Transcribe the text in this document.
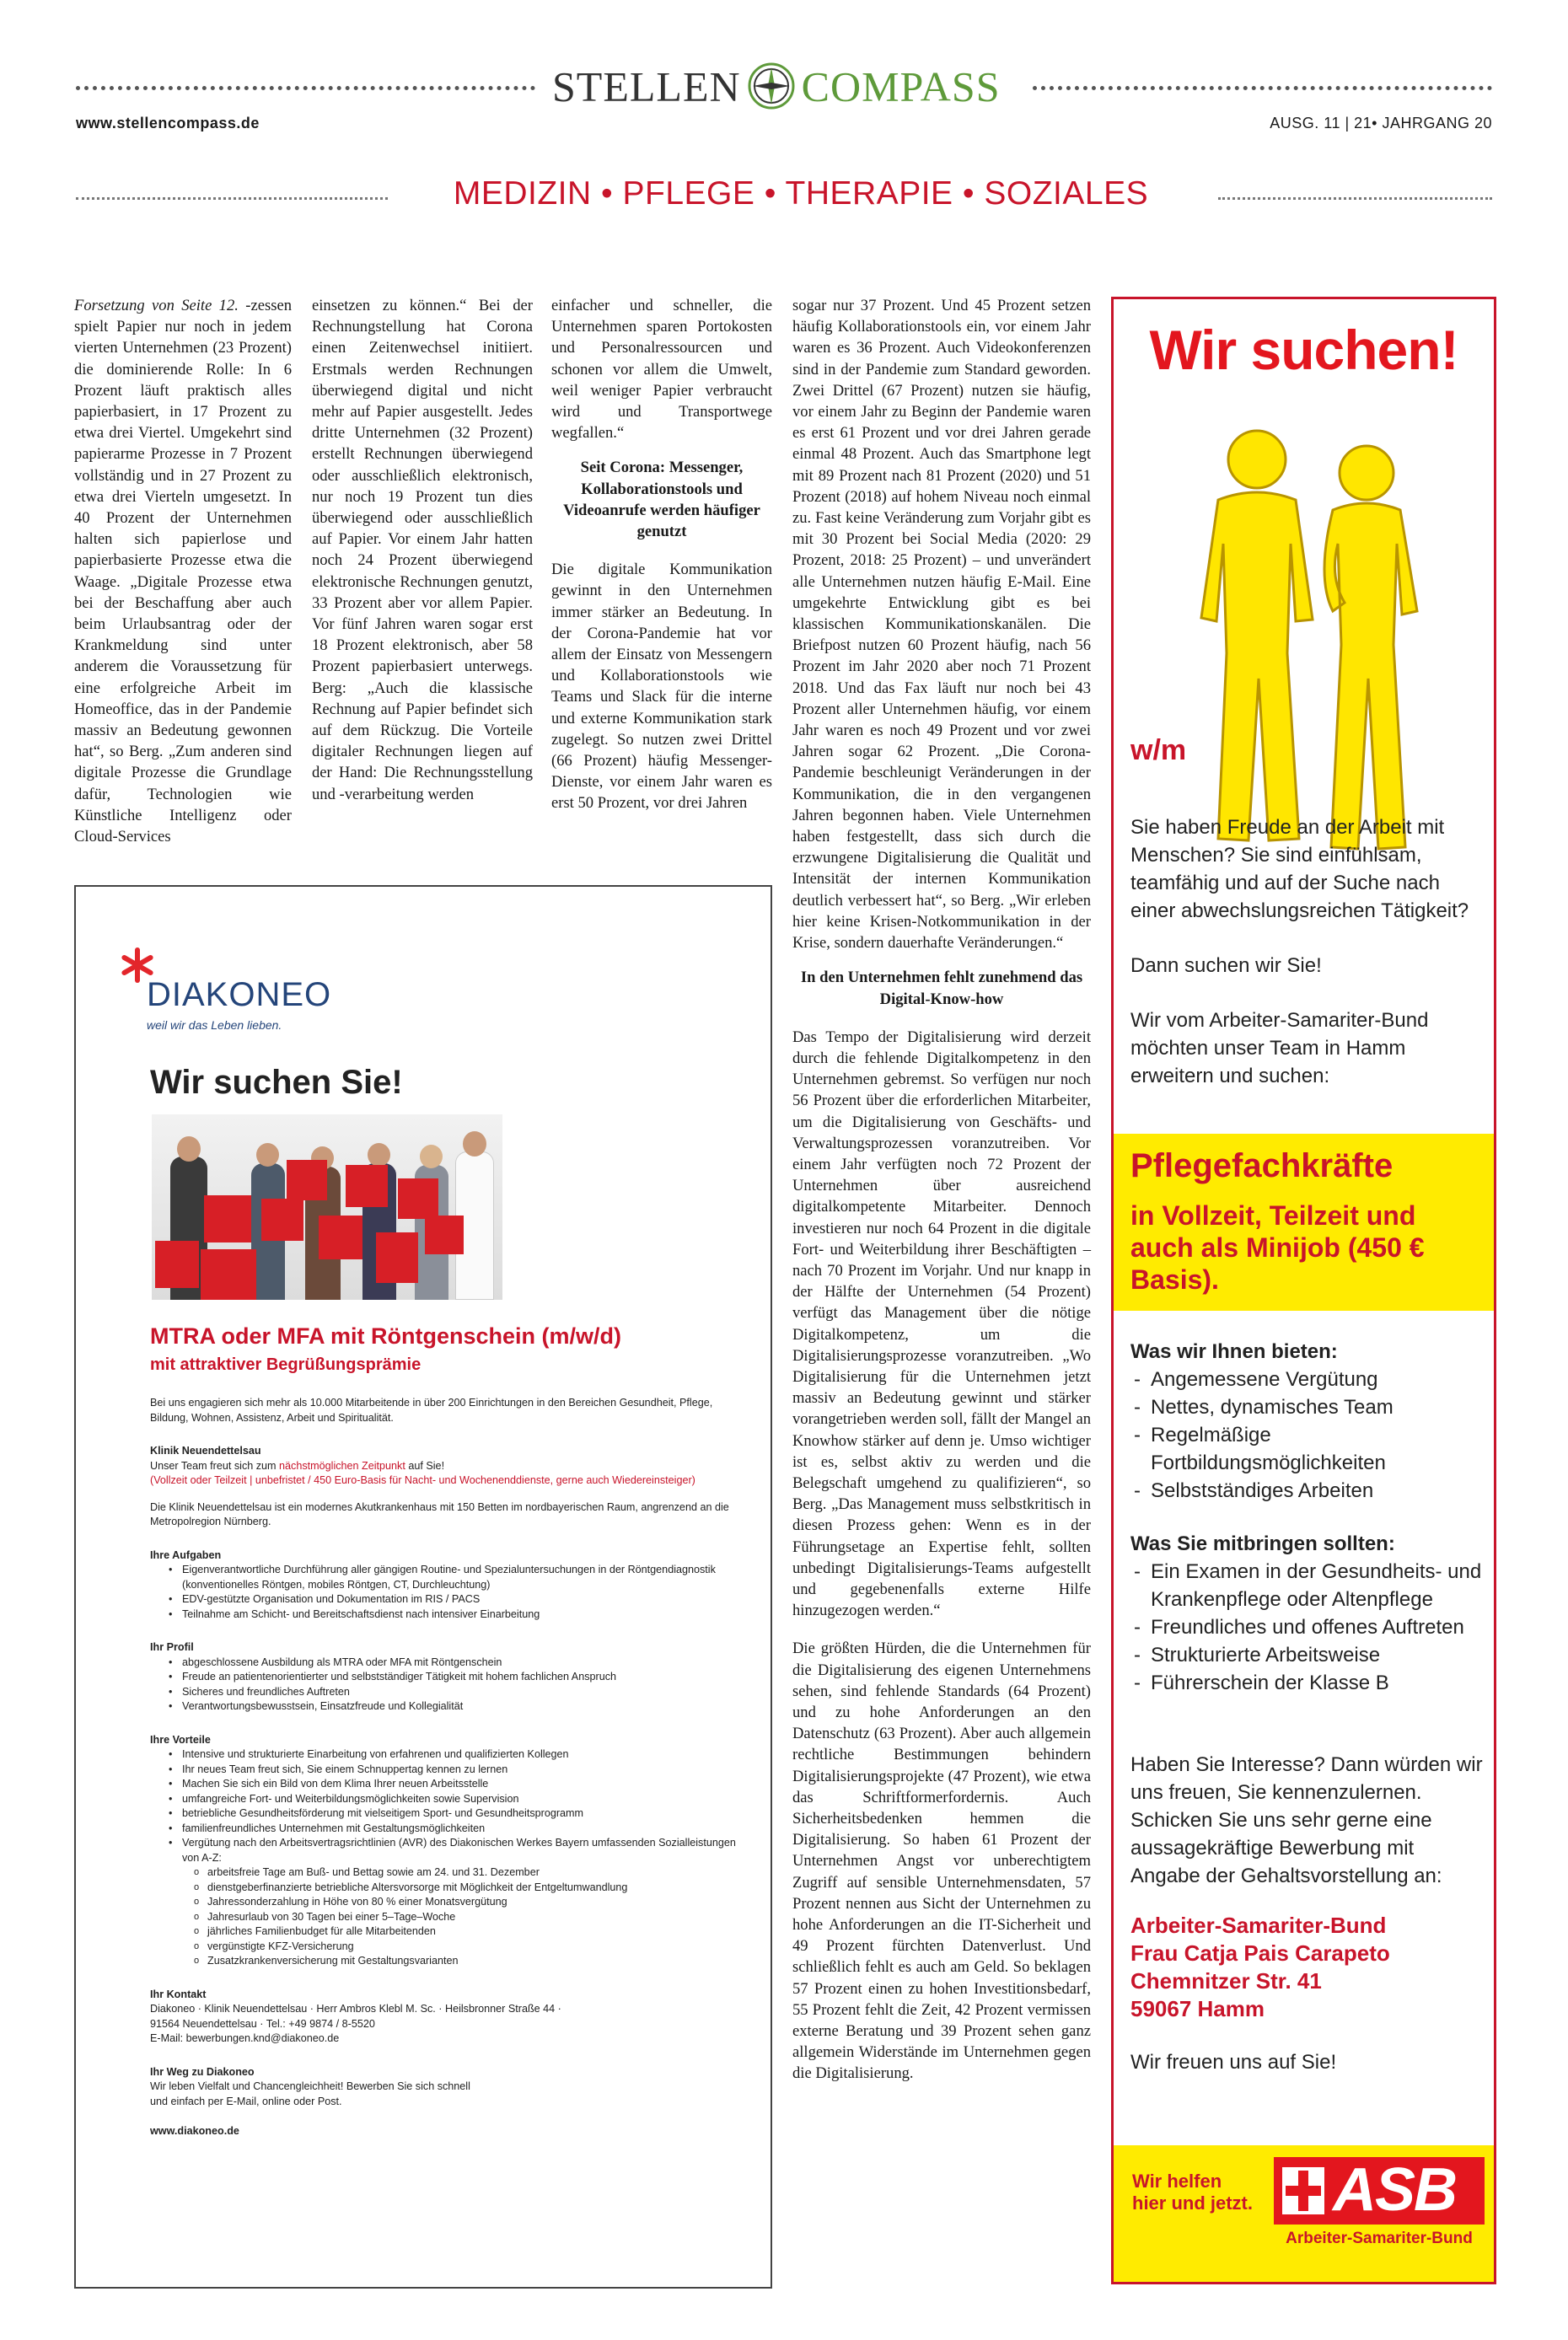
STELLEN COMPASS
www.stellencompass.de	AUSG. 11 | 21• JAHRGANG 20
MEDIZIN • PFLEGE • THERAPIE • SOZIALES

Forsetzung von Seite 12. -zessen spielt Papier nur noch in jedem vierten Unternehmen (23 Prozent) die dominierende Rolle: In 6 Prozent läuft praktisch alles papierbasiert, in 17 Prozent zu etwa drei Viertel. Umgekehrt sind papierarme Prozesse in 7 Prozent vollständig und in 27 Prozent zu etwa drei Vierteln umgesetzt. In 40 Prozent der Unternehmen halten sich papierlose und papierbasierte Prozesse etwa die Waage. „Digitale Prozesse etwa bei der Beschaffung aber auch beim Urlaubsantrag oder der Krankmeldung sind unter anderem die Voraussetzung für eine erfolgreiche Arbeit im Homeoffice, das in der Pandemie massiv an Bedeutung gewonnen hat“, so Berg. „Zum anderen sind digitale Prozesse die Grundlage dafür, Technologien wie Künstliche Intelligenz oder Cloud-Services

einsetzen zu können.“ Bei der Rechnungstellung hat Corona einen Zeitenwechsel initiiert. Erstmals werden Rechnungen überwiegend digital und nicht mehr auf Papier ausgestellt. Jedes dritte Unternehmen (32 Prozent) erstellt Rechnungen überwiegend oder ausschließlich elektronisch, nur noch 19 Prozent tun dies überwiegend oder ausschließlich auf Papier. Vor einem Jahr hatten noch 24 Prozent überwiegend elektronische Rechnungen genutzt, 33 Prozent aber vor allem Papier. Vor fünf Jahren waren sogar erst 18 Prozent elektronisch, aber 58 Prozent papierbasiert unterwegs. Berg: „Auch die klassische Rechnung auf Papier befindet sich auf dem Rückzug. Die Vorteile digitaler Rechnungen liegen auf der Hand: Die Rechnungsstellung und -verarbeitung werden

einfacher und schneller, die Unternehmen sparen Portokosten und Personalressourcen und schonen vor allem die Umwelt, weil weniger Papier verbraucht wird und Transportwege wegfallen.“

Seit Corona: Messenger, Kollaborationstools und Videoanrufe werden häufiger genutzt

Die digitale Kommunikation gewinnt in den Unternehmen immer stärker an Bedeutung. In der Corona-Pandemie hat vor allem der Einsatz von Messengern und Kollaborationstools wie Teams und Slack für die interne und externe Kommunikation stark zugelegt. So nutzen zwei Drittel (66 Prozent) häufig Messenger-Dienste, vor einem Jahr waren es erst 50 Prozent, vor drei Jahren

sogar nur 37 Prozent. Und 45 Prozent setzen häufig Kollaborationstools ein, vor einem Jahr waren es 36 Prozent. Auch Videokonferenzen sind in der Pandemie zum Standard geworden. Zwei Drittel (67 Prozent) nutzen sie häufig, vor einem Jahr zu Beginn der Pandemie waren es erst 61 Prozent und vor drei Jahren gerade einmal 48 Prozent. Auch das Smartphone legt mit 89 Prozent nach 81 Prozent (2020) und 51 Prozent (2018) auf hohem Niveau noch einmal zu. Fast keine Veränderung zum Vorjahr gibt es mit 30 Prozent bei Social Media (2020: 29 Prozent, 2018: 25 Prozent) – und unverändert alle Unternehmen nutzen häufig E-Mail. Eine umgekehrte Entwicklung gibt es bei klassischen Kommunikationskanälen. Die Briefpost nutzen 60 Prozent häufig, nach 56 Prozent im Jahr 2020 aber noch 71 Prozent 2018. Und das Fax läuft nur noch bei 43 Prozent aller Unternehmen häufig, vor einem Jahr waren es noch 49 Prozent und vor zwei Jahren sogar 62 Prozent. „Die Corona-Pandemie beschleunigt Veränderungen in der Kommunikation, die in den vergangenen Jahren begonnen haben. Viele Unternehmen haben festgestellt, dass sich durch die erzwungene Digitalisierung die Qualität und Intensität der internen Kommunikation deutlich verbessert hat“, so Berg. „Wir erleben hier keine Krisen-Notkommunikation in der Krise, sondern dauerhafte Veränderungen.“

In den Unternehmen fehlt zunehmend das Digital-Know-how

Das Tempo der Digitalisierung wird derzeit durch die fehlende Digitalkompetenz in den Unternehmen gebremst. So verfügen nur noch 56 Prozent über die erforderlichen Mitarbeiter, um die Digitalisierung von Geschäfts- und Verwaltungsprozessen voranzutreiben. Vor einem Jahr verfügten noch 72 Prozent der Unternehmen über ausreichend digitalkompetente Mitarbeiter. Dennoch investieren nur noch 64 Prozent in die digitale Fort- und Weiterbildung ihrer Beschäftigten – nach 70 Prozent im Vorjahr. Und nur knapp in der Hälfte der Unternehmen (54 Prozent) verfügt das Management über die nötige Digitalkompetenz, um die Digitalisierungsprozesse voranzutreiben. „Wo Digitalisierung für die Unternehmen jetzt massiv an Bedeutung gewinnt und stärker vorangetrieben werden soll, fällt der Mangel an Knowhow stärker auf denn je. Umso wichtiger ist es, selbst aktiv zu werden und die Belegschaft umgehend zu qualifizieren“, so Berg. „Das Management muss selbstkritisch in diesen Prozess gehen: Wenn es in der Führungsetage an Expertise fehlt, sollten unbedingt Digitalisierungs-Teams aufgestellt und gegebenenfalls externe Hilfe hinzugezogen werden.“

Die größten Hürden, die die Unternehmen für die Digitalisierung des eigenen Unternehmens sehen, sind fehlende Standards (64 Prozent) und zu hohe Anforderungen an den Datenschutz (63 Prozent). Aber auch allgemein rechtliche Bestimmungen behindern Digitalisierungsprojekte (47 Prozent), wie etwa das Schriftformerfordernis. Auch Sicherheitsbedenken hemmen die Digitalisierung. So haben 61 Prozent der Unternehmen Angst vor unberechtigtem Zugriff auf sensible Unternehmensdaten, 57 Prozent nennen aus Sicht der Unternehmen zu hohe Anforderungen an die IT-Sicherheit und 49 Prozent fürchten Datenverlust. Und schließlich fehlt es auch am Geld. So beklagen 57 Prozent einen zu hohen Investitionsbedarf, 55 Prozent fehlt die Zeit, 42 Prozent vermissen externe Beratung und 39 Prozent sehen ganz allgemein Widerstände im Unternehmen gegen die Digitalisierung.

DIAKONEO
weil wir das Leben lieben.
Wir suchen Sie!
MTRA oder MFA mit Röntgenschein (m/w/d)
mit attraktiver Begrüßungsprämie

Bei uns engagieren sich mehr als 10.000 Mitarbeitende in über 200 Einrichtungen in den Bereichen Gesundheit, Pflege, Bildung, Wohnen, Assistenz, Arbeit und Spiritualität.

Klinik Neuendettelsau

Unser Team freut sich zum nächstmöglichen Zeitpunkt auf Sie!

(Vollzeit oder Teilzeit | unbefristet / 450 Euro-Basis für Nacht- und Wochenenddienste, gerne auch Wiedereinsteiger)

Die Klinik Neuendettelsau ist ein modernes Akutkrankenhaus mit 150 Betten im nordbayerischen Raum, angrenzend an die Metropolregion Nürnberg.

Ihre Aufgaben

• Eigenverantwortliche Durchführung aller gängigen Routine- und Spezialuntersuchungen in der Röntgendiagnostik (konventionelles Röntgen, mobiles Röntgen, CT, Durchleuchtung)
• EDV-gestützte Organisation und Dokumentation im RIS / PACS
• Teilnahme am Schicht- und Bereitschaftsdienst nach intensiver Einarbeitung

Ihr Profil

• abgeschlossene Ausbildung als MTRA oder MFA mit Röntgenschein
• Freude an patientenorientierter und selbstständiger Tätigkeit mit hohem fachlichen Anspruch
• Sicheres und freundliches Auftreten
• Verantwortungsbewusstsein, Einsatzfreude und Kollegialität

Ihre Vorteile

• Intensive und strukturierte Einarbeitung von erfahrenen und qualifizierten Kollegen
• Ihr neues Team freut sich, Sie einem Schnuppertag kennen zu lernen
• Machen Sie sich ein Bild von dem Klima Ihrer neuen Arbeitsstelle
• umfangreiche Fort- und Weiterbildungsmöglichkeiten sowie Supervision
• betriebliche Gesundheitsförderung mit vielseitigem Sport- und Gesundheitsprogramm
• familienfreundliches Unternehmen mit Gestaltungsmöglichkeiten
• Vergütung nach den Arbeitsvertragsrichtlinien (AVR) des Diakonischen Werkes Bayern umfassenden Sozialleistungen von A-Z:
o arbeitsfreie Tage am Buß- und Bettag sowie am 24. und 31. Dezember
o dienstgeberfinanzierte betriebliche Altersvorsorge mit Möglichkeit der Entgeltumwandlung
o Jahressonderzahlung in Höhe von 80 % einer Monatsvergütung
o Jahresurlaub von 30 Tagen bei einer 5–Tage–Woche
o jährliches Familienbudget für alle Mitarbeitenden
o vergünstigte KFZ-Versicherung
o Zusatzkrankenversicherung mit Gestaltungsvarianten

Ihr Kontakt

Diakoneo · Klinik Neuendettelsau · Herr Ambros Klebl M. Sc. · Heilsbronner Straße 44 ·

91564 Neuendettelsau · Tel.: +49 9874 / 8-5520

E-Mail: bewerbungen.knd@diakoneo.de

Ihr Weg zu Diakoneo

Wir leben Vielfalt und Chancengleichheit! Bewerben Sie sich schnell

und einfach per E-Mail, online oder Post.

www.diakoneo.de

Wir suchen!
w/m

Sie haben Freude an der Arbeit mit Menschen? Sie sind einfühlsam, teamfähig und auf der Suche nach einer abwechslungsreichen Tätigkeit?

Dann suchen wir Sie!

Wir vom Arbeiter-Samariter-Bund möchten unser Team in Hamm erweitern und suchen:

Pflegefachkräfte
in Vollzeit, Teilzeit und auch als Minijob (450 € Basis).

Was wir Ihnen bieten:

- Angemessene Vergütung
- Nettes, dynamisches Team
- Regelmäßige Fortbildungsmöglichkeiten
- Selbstständiges Arbeiten

Was Sie mitbringen sollten:

- Ein Examen in der Gesundheits- und Krankenpflege oder Altenpflege
- Freundliches und offenes Auftreten
- Strukturierte Arbeitsweise
- Führerschein der Klasse B

Haben Sie Interesse? Dann würden wir uns freuen, Sie kennenzulernen. Schicken Sie uns sehr gerne eine aussagekräftige Bewerbung mit Angabe der Gehaltsvorstellung an:

Arbeiter-Samariter-Bund

Frau Catja Pais Carapeto

Chemnitzer Str. 41

59067 Hamm

Wir freuen uns auf Sie!

Wir helfen

hier und jetzt. ASB
Arbeiter-Samariter-Bund
